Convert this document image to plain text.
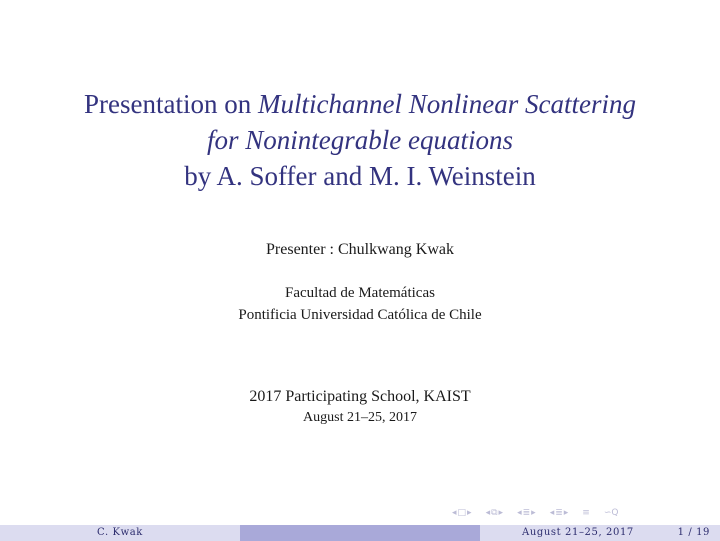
Presentation on Multichannel Nonlinear Scattering
for Nonintegrable equations
by A. Soffer and M. I. Weinstein
Presenter : Chulkwang Kwak
Facultad de Matemáticas
Pontificia Universidad Católica de Chile
2017 Participating School, KAIST
August 21–25, 2017
◂ □ ▸ ◂ ⧉ ▸ ◂ ≣ ▸ ◂ ≣ ▸ ≡ ∽Q
C. Kwak	August 21–25, 2017	1 / 19
